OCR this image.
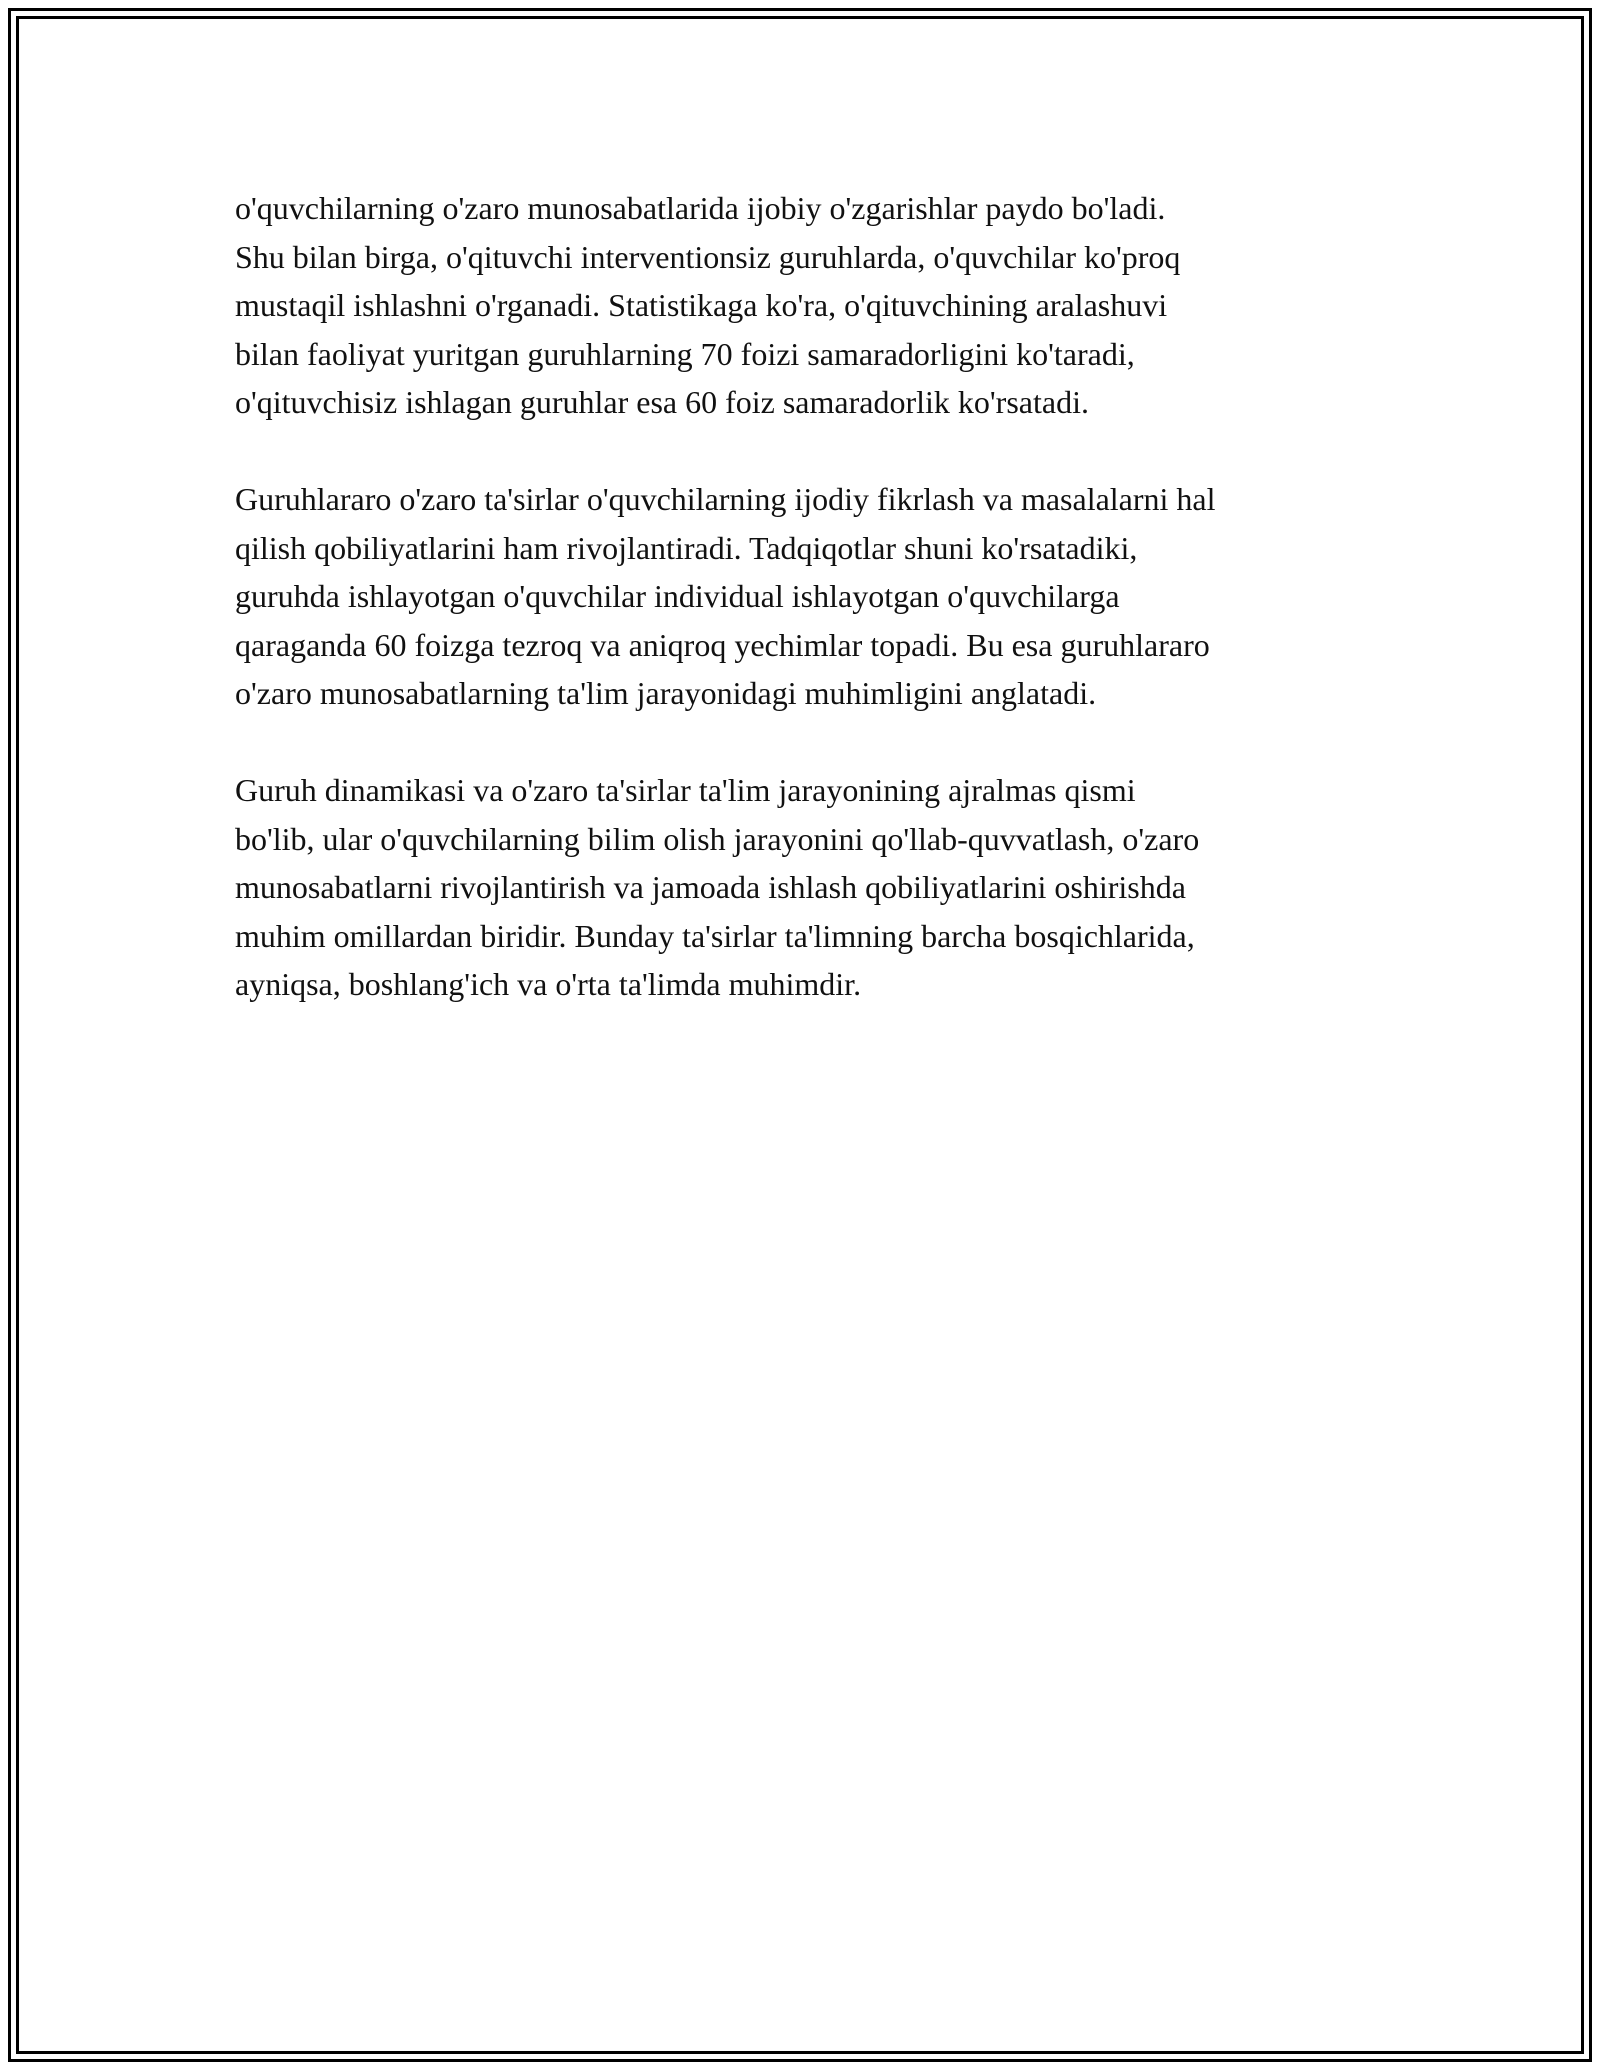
o'quvchilarning o'zaro munosabatlarida ijobiy o'zgarishlar paydo bo'ladi.
Shu bilan birga, o'qituvchi interventionsiz guruhlarda, o'quvchilar ko'proq
mustaqil ishlashni o'rganadi. Statistikaga ko'ra, o'qituvchining aralashuvi
bilan faoliyat yuritgan guruhlarning 70 foizi samaradorligini ko'taradi,
o'qituvchisiz ishlagan guruhlar esa 60 foiz samaradorlik ko'rsatadi.

Guruhlararo o'zaro ta'sirlar o'quvchilarning ijodiy fikrlash va masalalarni hal
qilish qobiliyatlarini ham rivojlantiradi. Tadqiqotlar shuni ko'rsatadiki,
guruhda ishlayotgan o'quvchilar individual ishlayotgan o'quvchilarga
qaraganda 60 foizga tezroq va aniqroq yechimlar topadi. Bu esa guruhlararo
o'zaro munosabatlarning ta'lim jarayonidagi muhimligini anglatadi.

Guruh dinamikasi va o'zaro ta'sirlar ta'lim jarayonining ajralmas qismi
bo'lib, ular o'quvchilarning bilim olish jarayonini qo'llab-quvvatlash, o'zaro
munosabatlarni rivojlantirish va jamoada ishlash qobiliyatlarini oshirishda
muhim omillardan biridir. Bunday ta'sirlar ta'limning barcha bosqichlarida,
ayniqsa, boshlang'ich va o'rta ta'limda muhimdir.
